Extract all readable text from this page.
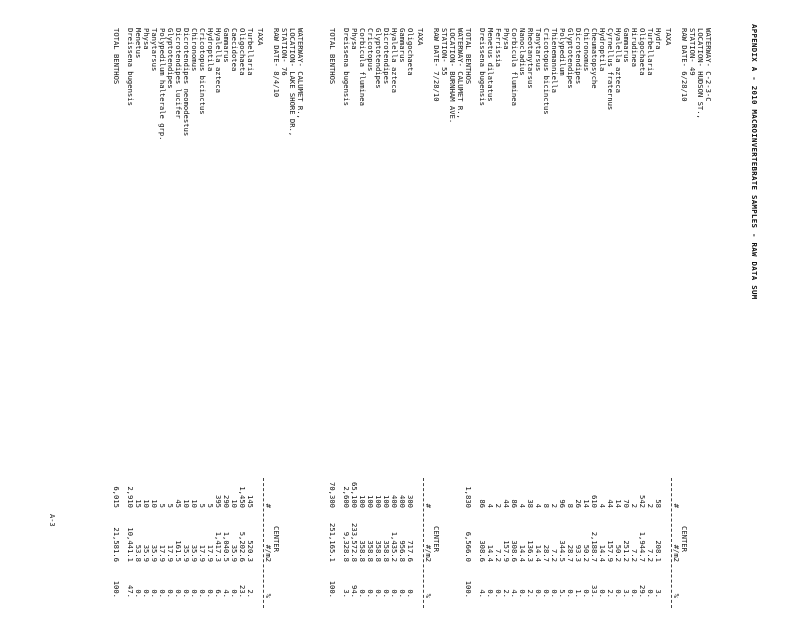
APPENDIX A - 2010 MACROINVERTEBRATE SAMPLES - RAW DATA SUM
WATERWAY- C-2-3-C
LOCATION- HUDSON ST.,
STATION- 49
RAW DATE- 6/28/10
TAXA
CENTER
#
#/m2
%
Hydra
58
208.1
3.
Turbellaria
2
7.2
0.
Oligochaeta
542
1,944.7
29.
Hirudinea
2
7.2
0.
Gammarus
70
251.2
3.
Hyalella azteca
14
50.2
0.
Cyrnellus fraternus
44
157.9
2.
Hydroptila
4
14.4
0.
Cheumatopsyche
610
2,188.7
33.
Chironomus
14
50.2
0.
Dicrotendipes
26
93.3
1.
Glyptotendipes
8
28.7
0.
Polypedilum
96
344.5
5.
Thienemanniella
2
7.2
0.
Cricotopus bicinctus
8
28.7
0.
Tanytarsus
4
14.4
0.
Rheotanytarsus
38
136.3
2.
Nanocladius
4
14.4
0.
Corbicula fluminea
86
308.6
4.
Physa
44
157.9
2.
Ferrissia
2
7.2
0.
Menetus dilatatus
4
14.4
0.
Dreissena bugensis
86
308.6
4.
TOTAL BENTHOS
1,830
6,566.0
100.
WATERWAY- CALUMET R.,
LOCATION- BURNHAM AVE.
STATION- 55
RAW DATE- 7/28/10
TAXA
CENTER
#
#/m2
%
Oligochaeta
300
717.6
0.
Gammarus
400
956.8
0.
Hyalella azteca
400
1,435.2
0.
Dicrotendipes
100
358.8
0.
Glyptotendipes
100
358.8
0.
Cricotopus
100
358.8
0.
Corbicula fluminea
100
358.8
0.
Physa
65,100
233,572.8
94.
Dreissena bugensis
2,600
9,328.8
3.
TOTAL BENTHOS
70,300
251,165.1
100.
WATERWAY- CALUMET R.,
LOCATION- LAKE SHORE DR.,
STATION- 76
RAW DATE- 8/4/10
TAXA
CENTER
#
#/m2
%
Turbellaria
145
520.3
2.
Oligochaeta
1,450
5,202.6
23.
Caecidotea
10
35.9
0.
Gammarus
290
1,040.5
4.
Hyalella azteca
395
1,417.3
6.
Hydroptila
5
17.9
0.
Cricotopus bicinctus
5
17.9
0.
Chironomus
10
35.9
0.
Dicrotendipes neomodestus
10
35.9
0.
Dicrotendipes lucifer
45
161.5
0.
Glyptotendipes
5
17.9
0.
Polypedilum halterale grp.
5
17.9
0.
Tanytarsus
10
35.9
0.
Physa
10
35.9
0.
Menetus
15
53.8
0.
Dreissena bugensis
2,910
10,441.1
47.
TOTAL BENTHOS
6,015
21,581.6
100.
A-3
